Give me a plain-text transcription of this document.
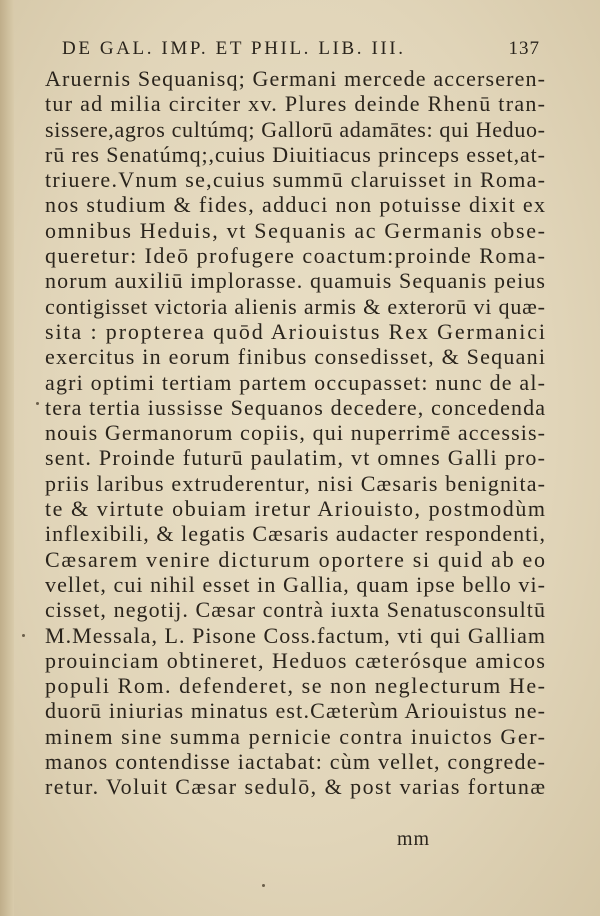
DE GAL. IMP. ET PHIL. LIB. III.	137
Aruernis Sequanisq; Germani mercede accerseren-
tur ad milia circiter xv. Plures deinde Rhenū tran-
sissere,agros cultúmq; Gallorū adamātes: qui Heduo-
rū res Senatúmq;,cuius Diuitiacus princeps esset,at-
triuere.Vnum se,cuius summū claruisset in Roma-
nos studium & fides, adduci non potuisse dixit ex
omnibus Heduis, vt Sequanis ac Germanis obse-
queretur: Ideō profugere coactum:proinde Roma-
norum auxiliū implorasse. quamuis Sequanis peius
contigisset victoria alienis armis & exterorū vi quæ-
sita : propterea quōd Ariouistus Rex Germanici
exercitus in eorum finibus consedisset, & Sequani
agri optimi tertiam partem occupasset: nunc de al-
tera tertia iussisse Sequanos decedere, concedenda
nouis Germanorum copiis, qui nuperrimē accessis-
sent. Proinde futurū paulatim, vt omnes Galli pro-
priis laribus extruderentur, nisi Cæsaris benignita-
te & virtute obuiam iretur Ariouisto, postmodùm
inflexibili, & legatis Cæsaris audacter respondenti,
Cæsarem venire dicturum oportere si quid ab eo
vellet, cui nihil esset in Gallia, quam ipse bello vi-
cisset, negotij. Cæsar contrà iuxta Senatusconsultū
M.Messala, L. Pisone Coss.factum, vti qui Galliam
prouinciam obtineret, Heduos cæterósque amicos
populi Rom. defenderet, se non neglecturum He-
duorū iniurias minatus est.Cæterùm Ariouistus ne-
minem sine summa pernicie contra inuictos Ger-
manos contendisse iactabat: cùm vellet, congrede-
retur. Voluit Cæsar sedulō, & post varias fortunæ
mm
